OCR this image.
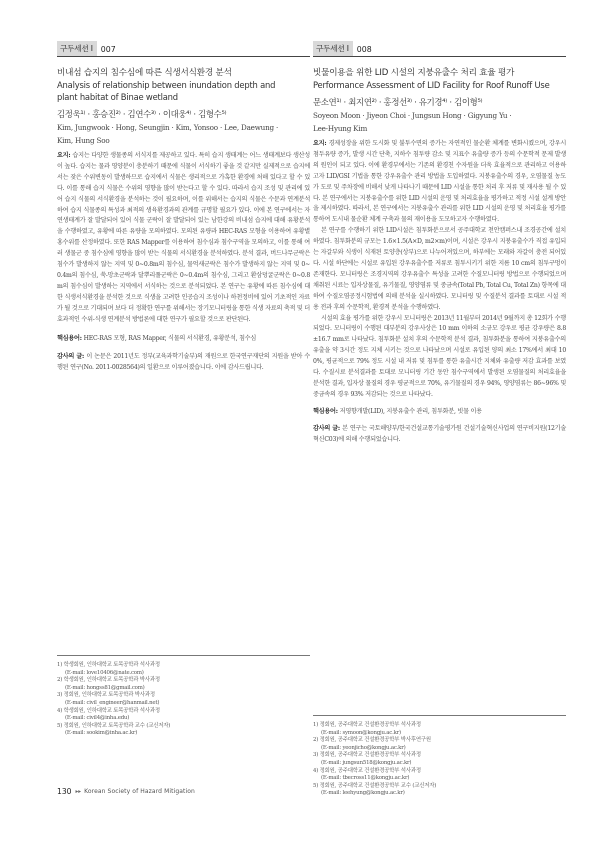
구두세션 I	007
비내섬 습지의 침수심에 따른 식생서식환경 분석
Analysis of relationship between inundation depth and
plant habitat of Binae wetland
김정욱¹⁾ · 홍승진²⁾ · 김연수³⁾ · 이대웅⁴⁾ · 김형수⁵⁾
Kim, Jungwook · Hong, Seungjin · Kim, Yonsoo · Lee, Daewung ·
Kim, Hung Soo

요지: 습지는 다양한 생물종의 서식지를 제공하고 있다. 특히 습지 생태계는 어느 생태계보다 생산성이 높다. 습지는 물과 영양분이 충분하기 때문에 식물이 서식하기 좋을 것 같지만 실제적으로 습지에서는 잦은 수위변동이 발생하므로 습지에서 식물은 생리적으로 가혹한 환경에 처해 있다고 할 수 있다. 이를 통해 습지 식물은 수위의 영향을 많이 받는다고 할 수 있다. 따라서 습지 조성 및 관리에 있어 습지 식물의 서식환경을 분석하는 것이 필요하며, 이를 위해서는 습지의 식물은 수문과 연계분석하여 습지 식물종의 특성과 최적의 생육환경과의 관계를 규명할 필요가 있다. 이에 본 연구에서는 자연생태계가 잘 발달되어 있어 식물 군락이 잘 발달되어 있는 남한강의 비내섬 습지에 대해 유황분석을 수행하였고, 유황에 따른 유량을 모의하였다. 모의된 유량과 HEC-RAS 모형을 이용하여 유황별 홍수위를 산정하였다. 또한 RAS Mapper를 이용하여 침수심과 침수구역을 모의하고, 이를 통해 여러 생물군 중 침수심에 영향을 많이 받는 식물의 서식환경을 분석하였다. 분석 결과, 버드나무군락은 침수가 발생하지 않는 지역 및 0~0.8m의 침수심, 물억새군락은 침수가 발생하지 않는 지역 및 0~0.4m의 침수심, 쑥-망초군락과 달뿌리풀군락은 0~0.4m의 침수심, 그리고 환삼덩굴군락은 0~0.8m의 침수심이 발생하는 지역에서 서식하는 것으로 분석되었다. 본 연구는 유황에 따른 침수심에 대한 식생서식환경을 분석한 것으로 식생을 고려한 인공습지 조성이나 하천정비에 있어 기초적인 자료가 될 것으로 기대되며 보다 더 정확한 연구를 위해서는 장기모니터링을 통한 식생 자료의 축적 및 더 효과적인 수위-식생 연계분석 방법론에 대한 연구가 필요할 것으로 판단된다.

핵심용어: HEC-RAS 모형, RAS Mapper, 식물의 서식환경, 유황분석, 침수심

감사의 글: 이 논문은 2011년도 정부(교육과학기술부)의 재원으로 한국연구재단의 지원을 받아 수행된 연구(No. 2011-0028564)의 일환으로 이루어졌습니다. 이에 감사드립니다.

1) 학생회원, 인하대학교 토목공학과 석사과정
(E-mail: love10406@nate.com)
2) 학생회원, 인하대학교 토목공학과 박사과정
(E-mail: hongss81@gmail.com)
3) 정회원, 인하대학교 토목공학과 박사과정
(E-mail: civil_engineer@hanmail.net)
4) 학생회원, 인하대학교 토목공학과 석사과정
(E-mail: civil4@inha.edu)
5) 정회원, 인하대학교 토목공학과 교수 (교신저자)
(E-mail: sookim@inha.ac.kr)
구두세션 I	008
빗물이용을 위한 LID 시설의 지붕유출수 처리 효율 평가
Performance Assessment of LID Facility for Roof Runoff Use
문소연¹⁾ · 최지연²⁾ · 홍정선³⁾ · 유기경⁴⁾ · 김이형⁵⁾
Soyeon Moon · Jiyeon Choi · Jungsun Hong · Gigyung Yu ·
Lee-Hyung Kim

요지: 경제성장을 위한 도시화 및 불투수면의 증가는 자연적인 물순환 체계를 변화시켰으며, 강우시 첨두유량 증가, 발생 시간 단축, 지하수 침투량 감소 및 지표수 유출량 증가 등의 수문학적 문제 발생의 원인이 되고 있다. 이에 환경부에서는 기존의 환경친 수자원을 더욱 효율적으로 관리하고 이용하고자 LID/GSI 기법을 통한 강우유출수 관리 방법을 도입하였다. 지붕유출수의 경우, 오염물질 농도가 도로 및 주차장에 비해서 낮게 나타나기 때문에 LID 시설을 통한 처리 후 저류 및 재사용 될 수 있다. 본 연구에서는 지붕유출수를 위한 LID 시설의 운영 및 처리효율을 평가하고 적정 시설 설계 방안을 제시하였다. 따라서, 본 연구에서는 지붕유출수 관리를 위한 LID 시설의 운영 및 처리효율 평가를 통하여 도시내 물순환 체계 구축과 물의 재이용을 도모하고자 수행하였다.

본 연구를 수행하기 위한 LID시설은 침투화분으로서 공주대학교 천안캠퍼스내 조경공간에 설치하였다. 침투화분의 규모는 1.6×1.5(A×D, m2×m)이며, 시설은 강우시 지붕유출수가 직접 유입되는 자갈부와 식생이 식재된 토양층(상부)으로 나누어져있으며, 하부에는 모래와 자갈이 충전 되어있다. 시설 하단에는 시설로 유입된 강우유출수를 저류로 침투시키기 위한 지름 10 cm의 침투구멍이 존재한다. 모니터링은 조경지역의 강우유출수 특성을 고려한 수질모니터링 방법으로 수행되었으며 채취된 시료는 입자상물질, 유기물질, 영양염류 및 중금속(Total Pb, Total Cu, Total Zn) 항목에 대하여 수질오염공정시험법에 의해 분석을 실시하였다. 모니터링 및 수질분석 결과를 토대로 시설 적용 전과 후의 수문학적, 환경적 분석을 수행하였다.

시설의 효율 평가를 위한 강우시 모니터링은 2013년 11월부터 2014년 9월까지 총 12회가 수행되었다. 모니터링이 수행된 대부분의 강우사상은 10 mm 이하의 소규모 강우로 평균 강우량은 8.8±16.7 mm로 나타났다. 침투화분 설치 후의 수문학적 분석 결과, 침투화분을 통하여 지붕유출수의 유출을 약 3시간 정도 지체 시키는 것으로 나타났으며 시설로 유입된 양의 최소 17%에서 최대 100%, 평균적으로 79% 정도 시설 내 저류 및 침투를 통한 유출시간 지체와 유출량 저감 효과를 보였다. 수질시료 분석결과를 토대로 모니터링 기간 동안 침수구역에서 발생된 오염물질의 처리효율을 분석한 결과, 입자상 물질의 경우 평균적으로 70%, 유기물질의 경우 94%, 영양염류는 86~96% 및 중금속의 경우 93% 저감되는 것으로 나타났다.

핵심용어: 저영향개발(LID), 지붕유출수 관리, 침투화분, 빗물 이용

감사의 글: 본 연구는 국토해양부/한국건설교통기술평가원 건설기술혁신사업의 연구비지원(12기술혁신C03)에 의해 수행되었습니다.

1) 정회원, 공주대학교 건설환경공학부 석사과정
(E-mail: symoon@kongju.ac.kr)
2) 정회원, 공주대학교 건설환경공학부 박사후연구원
(E-mail: yeonjicho@kongju.ac.kr)
3) 정회원, 공주대학교 건설환경공학부 석사과정
(E-mail: jungsun518@kongju.ac.kr)
4) 정회원, 공주대학교 건설환경공학부 석사과정
(E-mail: tbecross11@kongju.ac.kr)
5) 정회원, 공주대학교 건설환경공학부 교수 (교신저자)
(E-mail: leehyung@kongju.ac.kr)
130 ▸▸ Korean Society of Hazard Mitigation
